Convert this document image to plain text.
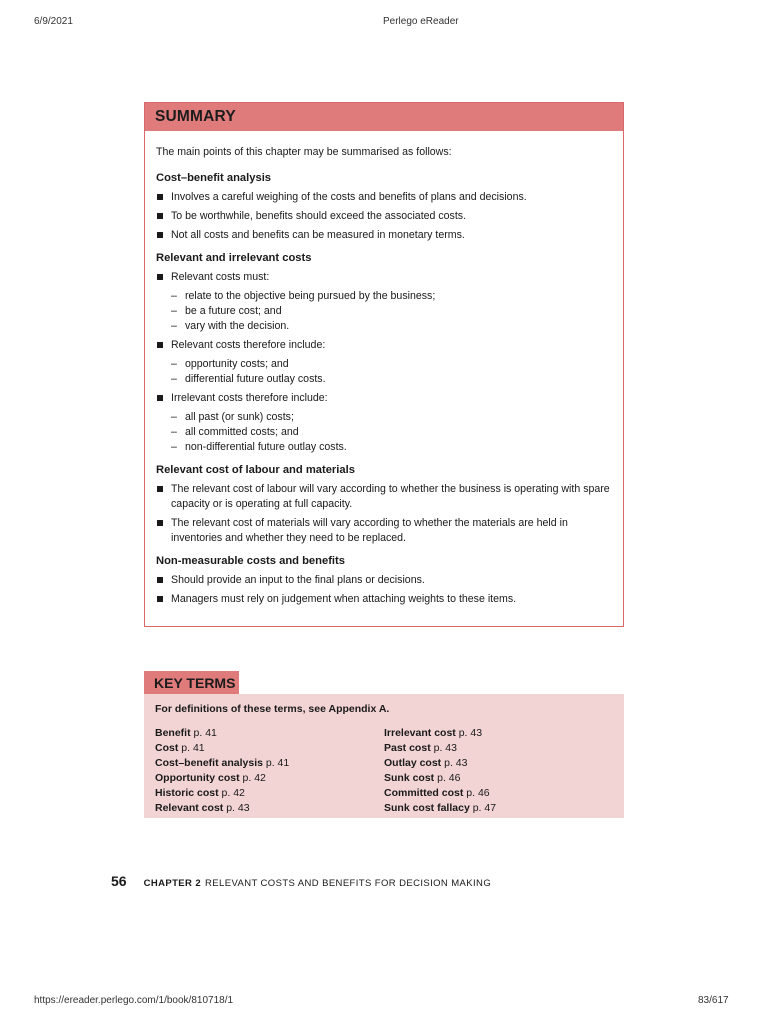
6/9/2021	Perlego eReader
SUMMARY
The main points of this chapter may be summarised as follows:
Cost–benefit analysis
Involves a careful weighing of the costs and benefits of plans and decisions.
To be worthwhile, benefits should exceed the associated costs.
Not all costs and benefits can be measured in monetary terms.
Relevant and irrelevant costs
Relevant costs must:
– relate to the objective being pursued by the business;
– be a future cost; and
– vary with the decision.
Relevant costs therefore include:
– opportunity costs; and
– differential future outlay costs.
Irrelevant costs therefore include:
– all past (or sunk) costs;
– all committed costs; and
– non-differential future outlay costs.
Relevant cost of labour and materials
The relevant cost of labour will vary according to whether the business is operating with spare capacity or is operating at full capacity.
The relevant cost of materials will vary according to whether the materials are held in inventories and whether they need to be replaced.
Non-measurable costs and benefits
Should provide an input to the final plans or decisions.
Managers must rely on judgement when attaching weights to these items.
KEY TERMS
For definitions of these terms, see Appendix A.
Benefit p. 41
Cost p. 41
Cost–benefit analysis p. 41
Opportunity cost p. 42
Historic cost p. 42
Relevant cost p. 43
Irrelevant cost p. 43
Past cost p. 43
Outlay cost p. 43
Sunk cost p. 46
Committed cost p. 46
Sunk cost fallacy p. 47
56 CHAPTER 2 RELEVANT COSTS AND BENEFITS FOR DECISION MAKING
https://ereader.perlego.com/1/book/810718/1	83/617
